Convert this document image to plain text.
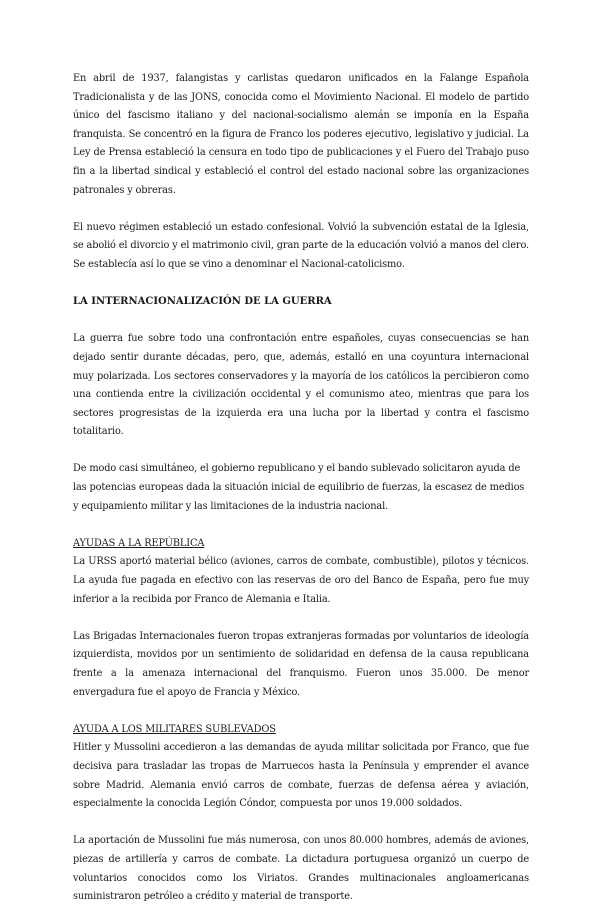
En abril de 1937, falangistas y carlistas quedaron unificados en la Falange Española Tradicionalista y de las JONS, conocida como el Movimiento Nacional. El modelo de partido único del fascismo italiano y del nacional-socialismo alemán se imponía en la España franquista. Se concentró en la figura de Franco los poderes ejecutivo, legislativo y judicial. La Ley de Prensa estableció la censura en todo tipo de publicaciones y el Fuero del Trabajo puso fin a la libertad sindical y estableció el control del estado nacional sobre las organizaciones patronales y obreras.

El nuevo régimen estableció un estado confesional. Volvió la subvención estatal de la Iglesia, se abolió el divorcio y el matrimonio civil, gran parte de la educación volvió a manos del clero. Se establecía así lo que se vino a denominar el Nacional-catolicismo.

LA INTERNACIONALIZACIÓN DE LA GUERRA

La guerra fue sobre todo una confrontación entre españoles, cuyas consecuencias se han dejado sentir durante décadas, pero, que, además, estalló en una coyuntura internacional muy polarizada. Los sectores conservadores y la mayoría de los católicos la percibieron como una contienda entre la civilización occidental y el comunismo ateo, mientras que para los sectores progresistas de la izquierda era una lucha por la libertad y contra el fascismo totalitario.

De modo casi simultáneo, el gobierno republicano y el bando sublevado solicitaron ayuda de

las potencias europeas dada la situación inicial de equilibrio de fuerzas, la escasez de medios

y equipamiento militar y las limitaciones de la industria nacional.

AYUDAS A LA REPÚBLICA

La URSS aportó material bélico (aviones, carros de combate, combustible), pilotos y técnicos. La ayuda fue pagada en efectivo con las reservas de oro del Banco de España, pero fue muy inferior a la recibida por Franco de Alemania e Italia.

Las Brigadas Internacionales fueron tropas extranjeras formadas por voluntarios de ideología izquierdista, movidos por un sentimiento de solidaridad en defensa de la causa republicana frente a la amenaza internacional del franquismo. Fueron unos 35.000. De menor envergadura fue el apoyo de Francia y México.

AYUDA A LOS MILITARES SUBLEVADOS

Hitler y Mussolini accedieron a las demandas de ayuda militar solicitada por Franco, que fue decisiva para trasladar las tropas de Marruecos hasta la Península y emprender el avance sobre Madrid. Alemania envió carros de combate, fuerzas de defensa aérea y aviación, especialmente la conocida Legión Cóndor, compuesta por unos 19.000 soldados.

La aportación de Mussolini fue más numerosa, con unos 80.000 hombres, además de aviones, piezas de artillería y carros de combate. La dictadura portuguesa organizó un cuerpo de voluntarios conocidos como los Viriatos. Grandes multinacionales angloamericanas suministraron petróleo a crédito y material de transporte.
